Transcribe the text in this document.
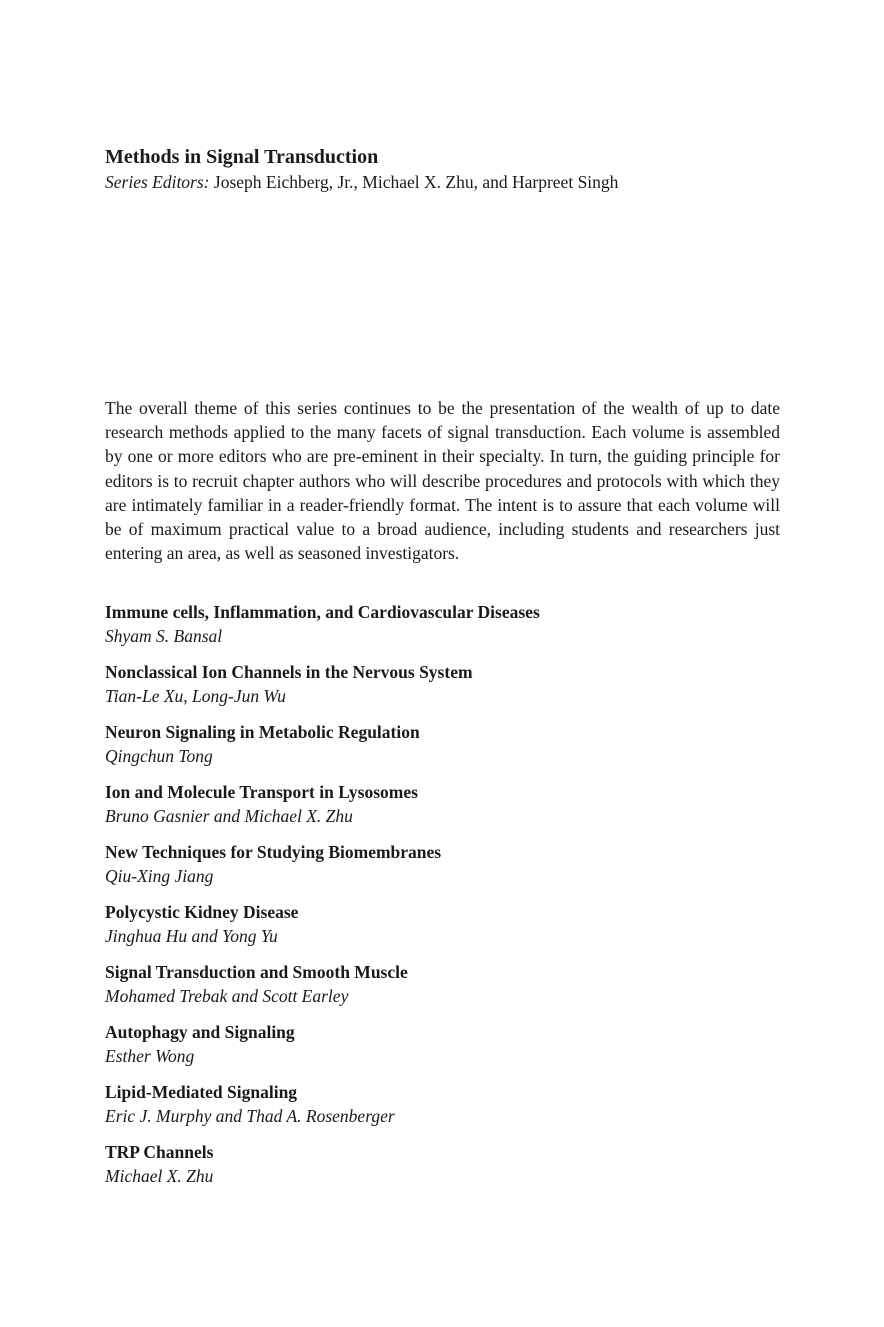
Methods in Signal Transduction

Series Editors: Joseph Eichberg, Jr., Michael X. Zhu, and Harpreet Singh

The overall theme of this series continues to be the presentation of the wealth of up to date research methods applied to the many facets of signal transduction. Each volume is assembled by one or more editors who are pre-eminent in their specialty. In turn, the guiding principle for editors is to recruit chapter authors who will describe procedures and protocols with which they are intimately familiar in a reader-friendly format. The intent is to assure that each volume will be of maximum practical value to a broad audience, including students and researchers just entering an area, as well as seasoned investigators.

Immune cells, Inflammation, and Cardiovascular Diseases
Shyam S. Bansal
Nonclassical Ion Channels in the Nervous System
Tian-Le Xu, Long-Jun Wu
Neuron Signaling in Metabolic Regulation
Qingchun Tong
Ion and Molecule Transport in Lysosomes
Bruno Gasnier and Michael X. Zhu
New Techniques for Studying Biomembranes
Qiu-Xing Jiang
Polycystic Kidney Disease
Jinghua Hu and Yong Yu
Signal Transduction and Smooth Muscle
Mohamed Trebak and Scott Earley
Autophagy and Signaling
Esther Wong
Lipid-Mediated Signaling
Eric J. Murphy and Thad A. Rosenberger
TRP Channels
Michael X. Zhu
